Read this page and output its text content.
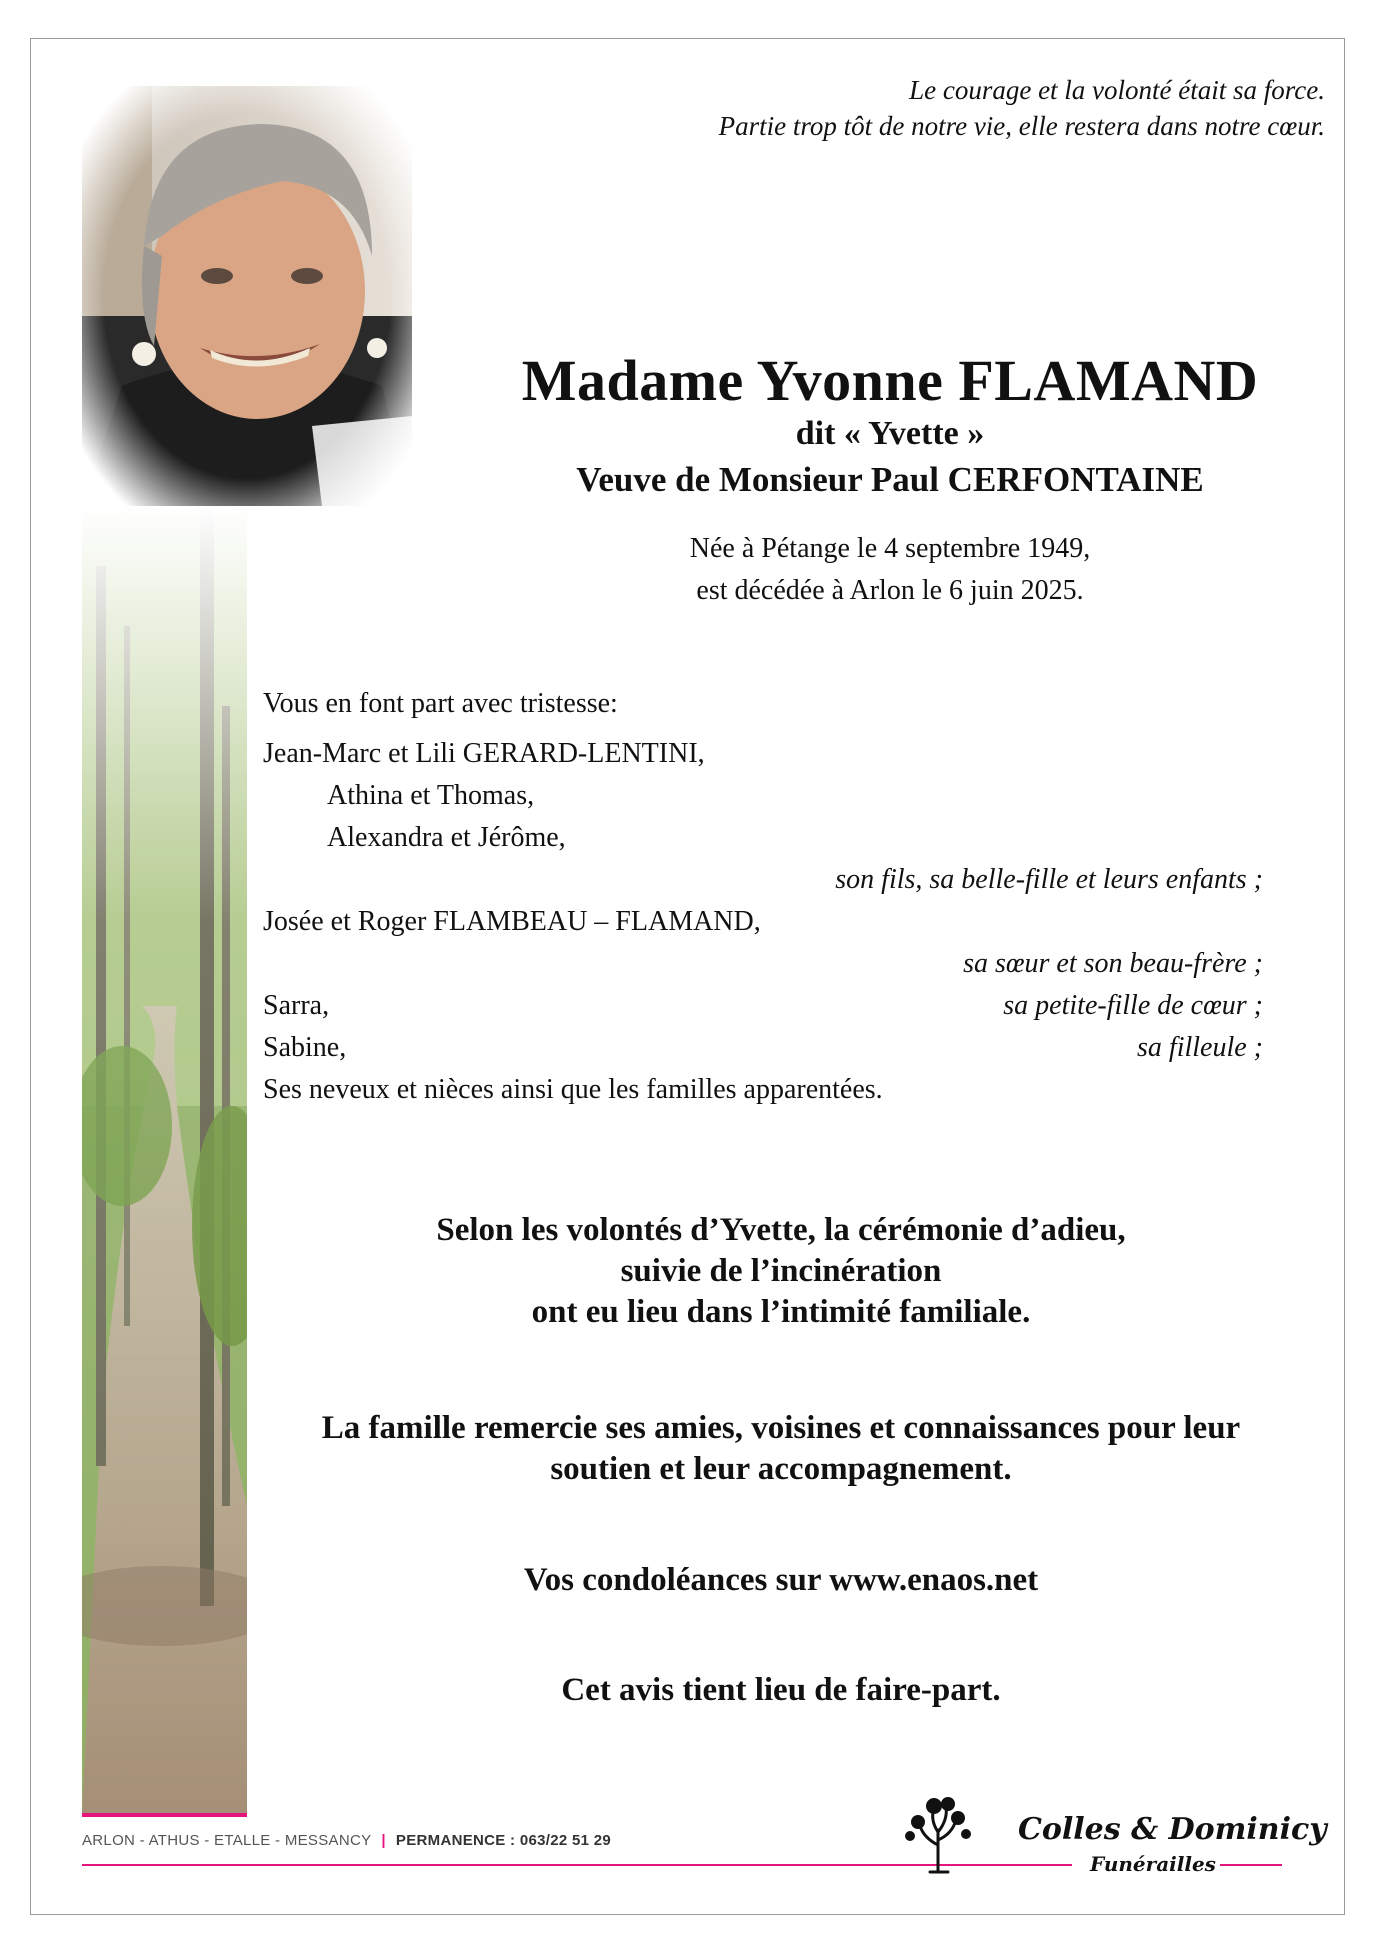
Le courage et la volonté était sa force.
Partie trop tôt de notre vie, elle restera dans notre cœur.
Madame Yvonne FLAMAND
dit « Yvette »
Veuve de Monsieur Paul CERFONTAINE
Née à Pétange le 4 septembre 1949,
est décédée à Arlon le 6 juin 2025.
Vous en font part avec tristesse:
Jean-Marc et Lili GERARD-LENTINI,
Athina et Thomas,
Alexandra et Jérôme,
son fils, sa belle-fille et leurs enfants ;
Josée et Roger FLAMBEAU – FLAMAND,
sa sœur et son beau-frère ;
Sarra,	sa petite-fille de cœur ;
Sabine,	sa filleule ;
Ses neveux et nièces ainsi que les familles apparentées.
Selon les volontés d’Yvette, la cérémonie d’adieu,
suivie de l’incinération
ont eu lieu dans l’intimité familiale.
La famille remercie ses amies, voisines et connaissances pour leur
soutien et leur accompagnement.
Vos condoléances sur www.enaos.net
Cet avis tient lieu de faire-part.
ARLON - ATHUS - ETALLE - MESSANCY | PERMANENCE : 063/22 51 29	Colles & Dominicy
Funérailles
